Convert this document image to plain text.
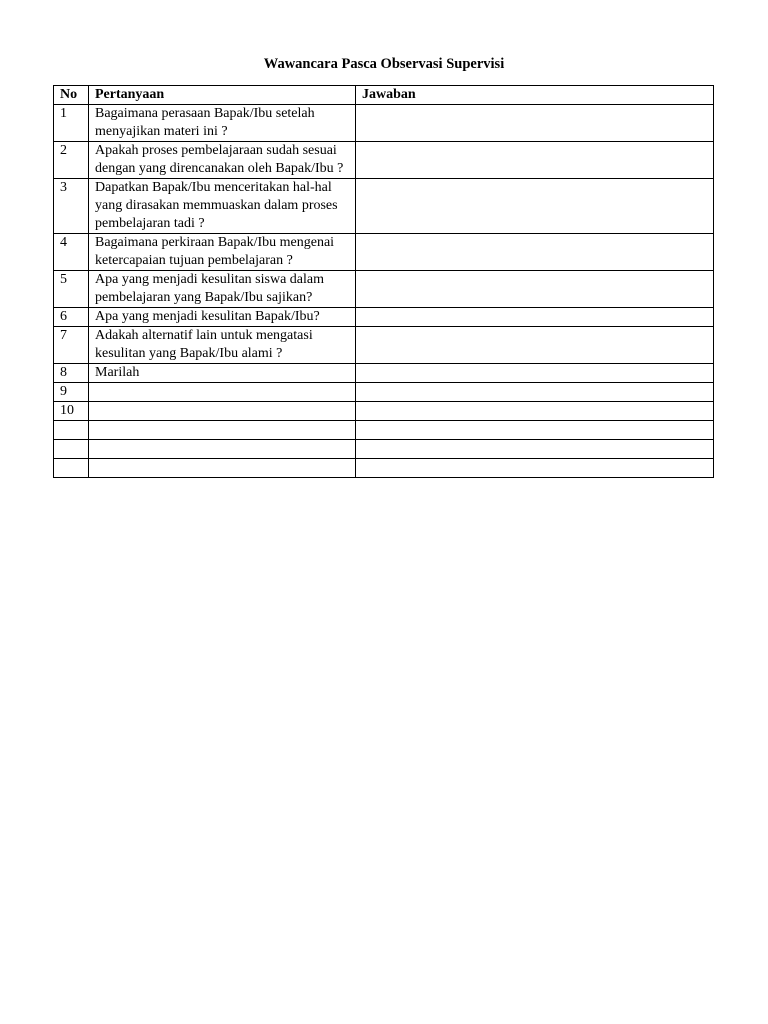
Wawancara Pasca Observasi Supervisi
No	Pertanyaan	Jawaban
1	Bagaimana perasaan Bapak/Ibu setelah menyajikan materi ini ?	
2	Apakah proses pembelajaraan sudah sesuai dengan yang direncanakan oleh Bapak/Ibu ?	
3	Dapatkan Bapak/Ibu menceritakan hal-hal yang dirasakan memmuaskan dalam proses pembelajaran tadi ?	
4	Bagaimana perkiraan Bapak/Ibu mengenai ketercapaian tujuan pembelajaran ?	
5	Apa yang menjadi kesulitan siswa dalam pembelajaran yang Bapak/Ibu sajikan?	
6	Apa yang menjadi kesulitan Bapak/Ibu?	
7	Adakah alternatif lain untuk mengatasi kesulitan yang Bapak/Ibu alami ?	
8	Marilah	
9		
10		
